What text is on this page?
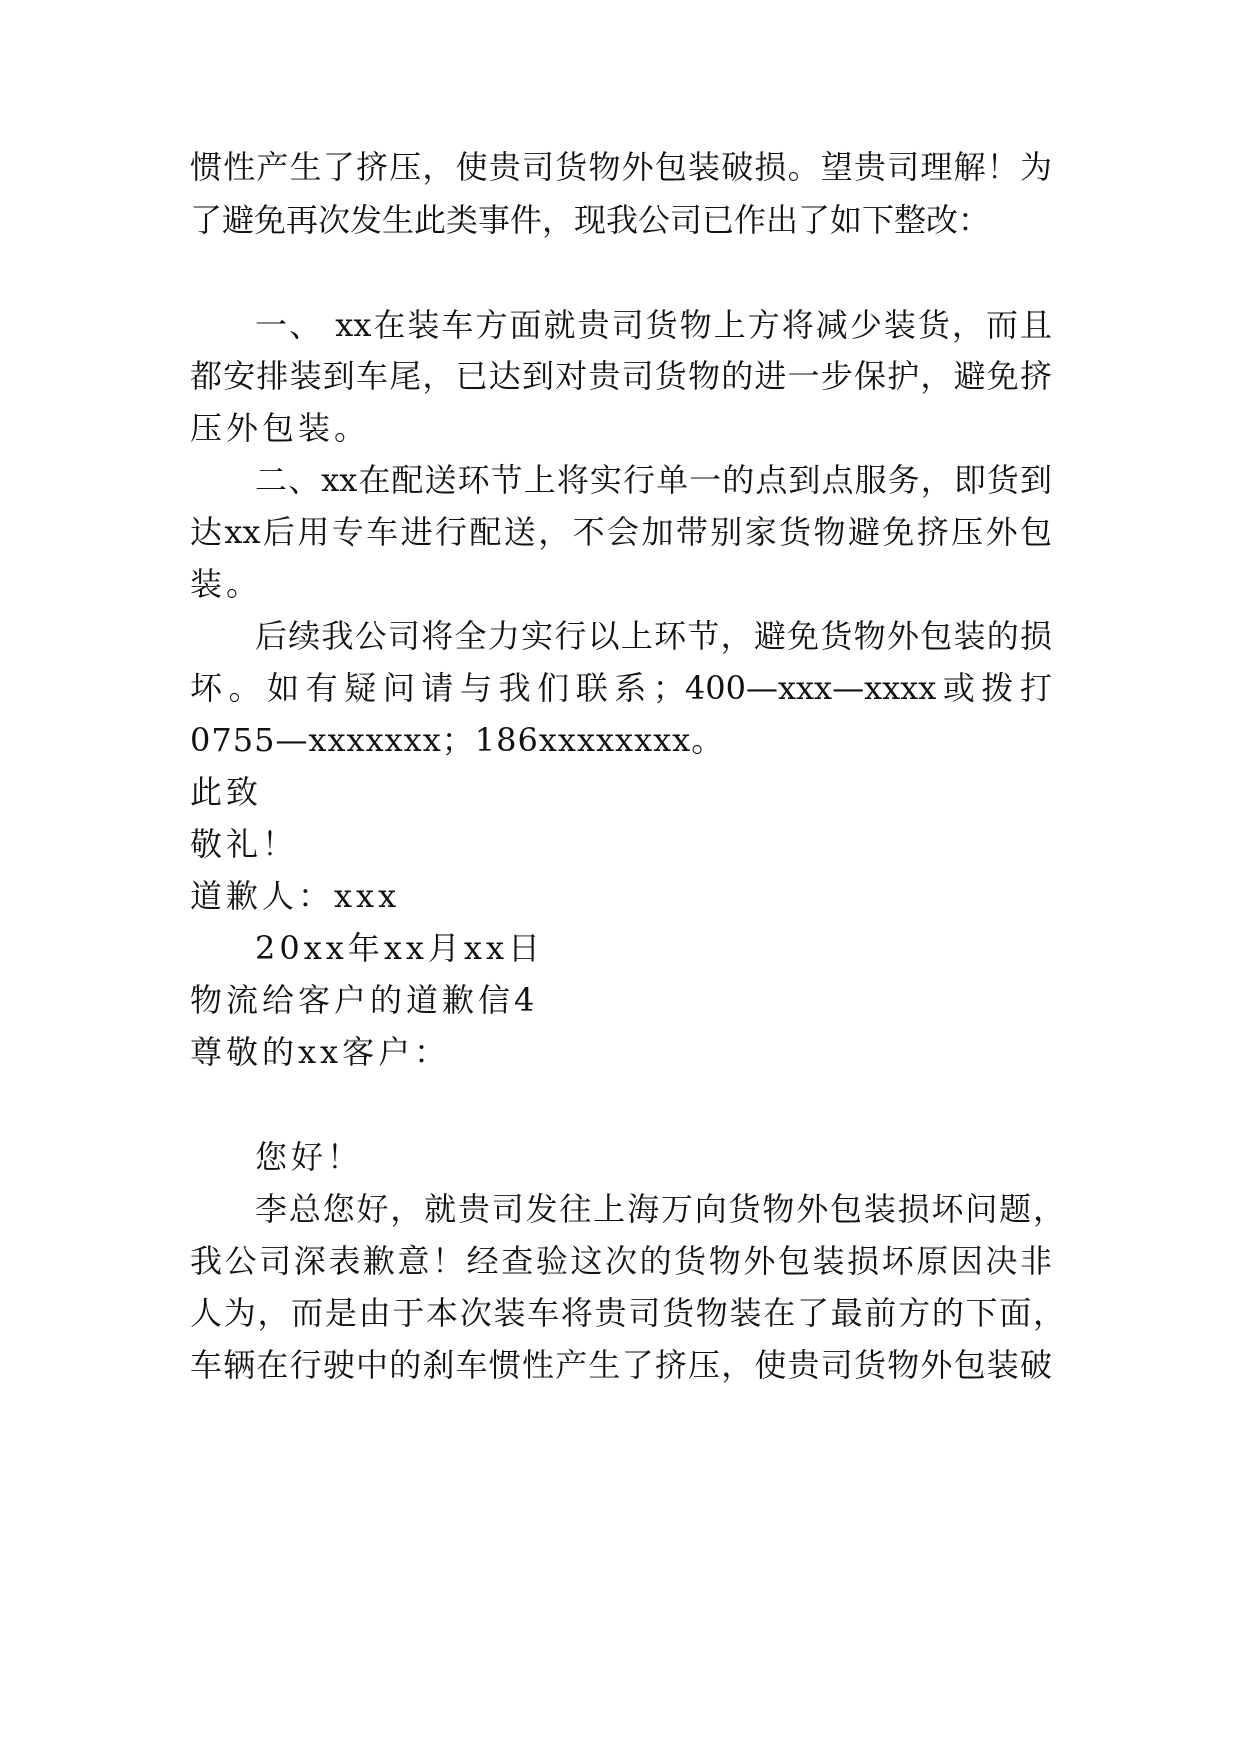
惯性产生了挤压，使贵司货物外包装破损。望贵司理解！为
了避免再次发生此类事件，现我公司已作出了如下整改：
一、 xx在装车方面就贵司货物上方将减少装货，而且
都安排装到车尾，已达到对贵司货物的进一步保护，避免挤
压外包装。
二、xx在配送环节上将实行单一的点到点服务，即货到
达xx后用专车进行配送，不会加带别家货物避免挤压外包
装。
后续我公司将全力实行以上环节，避免货物外包装的损
坏。如有疑问请与我们联系；400—xxx—xxxx或拨打
0755—xxxxxxx；186xxxxxxxx。
此致
敬礼！
道歉人：xxx
20xx年xx月xx日
物流给客户的道歉信4
尊敬的xx客户：
您好！
李总您好，就贵司发往上海万向货物外包装损坏问题，
我公司深表歉意！经查验这次的货物外包装损坏原因决非
人为，而是由于本次装车将贵司货物装在了最前方的下面，
车辆在行驶中的刹车惯性产生了挤压，使贵司货物外包装破
